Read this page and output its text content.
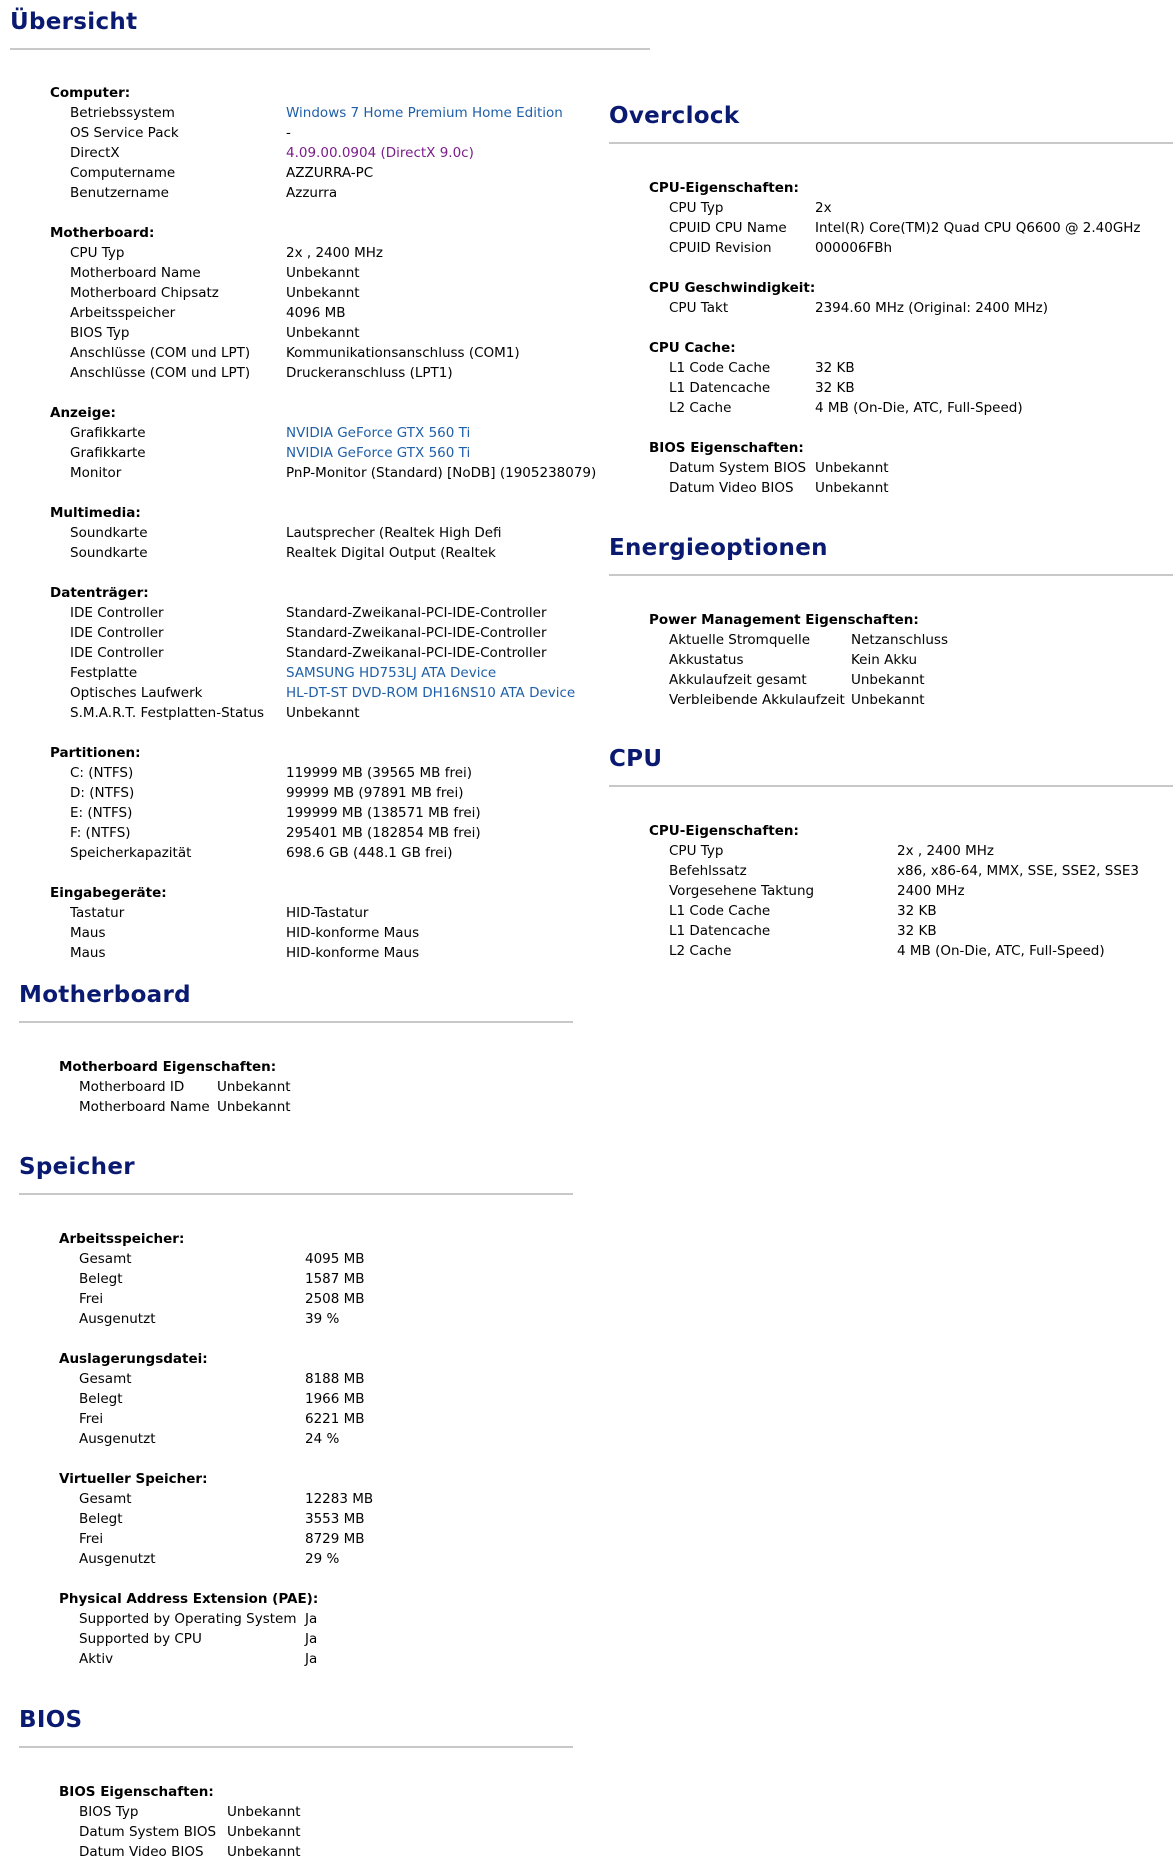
Übersicht
Computer:
Betriebssystem	Windows 7 Home Premium Home Edition
OS Service Pack	-
DirectX	4.09.00.0904 (DirectX 9.0c)
Computername	AZZURRA-PC
Benutzername	Azzurra
Motherboard:
CPU Typ	2x , 2400 MHz
Motherboard Name	Unbekannt
Motherboard Chipsatz	Unbekannt
Arbeitsspeicher	4096 MB
BIOS Typ	Unbekannt
Anschlüsse (COM und LPT)	Kommunikationsanschluss (COM1)
Anschlüsse (COM und LPT)	Druckeranschluss (LPT1)
Anzeige:
Grafikkarte	NVIDIA GeForce GTX 560 Ti
Grafikkarte	NVIDIA GeForce GTX 560 Ti
Monitor	PnP-Monitor (Standard) [NoDB] (1905238079)
Multimedia:
Soundkarte	Lautsprecher (Realtek High Defi
Soundkarte	Realtek Digital Output (Realtek
Datenträger:
IDE Controller	Standard-Zweikanal-PCI-IDE-Controller
IDE Controller	Standard-Zweikanal-PCI-IDE-Controller
IDE Controller	Standard-Zweikanal-PCI-IDE-Controller
Festplatte	SAMSUNG HD753LJ ATA Device
Optisches Laufwerk	HL-DT-ST DVD-ROM DH16NS10 ATA Device
S.M.A.R.T. Festplatten-Status	Unbekannt
Partitionen:
C: (NTFS)	119999 MB (39565 MB frei)
D: (NTFS)	99999 MB (97891 MB frei)
E: (NTFS)	199999 MB (138571 MB frei)
F: (NTFS)	295401 MB (182854 MB frei)
Speicherkapazität	698.6 GB (448.1 GB frei)
Eingabegeräte:
Tastatur	HID-Tastatur
Maus	HID-konforme Maus
Maus	HID-konforme Maus
Motherboard
Motherboard Eigenschaften:
Motherboard ID	Unbekannt
Motherboard Name	Unbekannt
Speicher
Arbeitsspeicher:
Gesamt	4095 MB
Belegt	1587 MB
Frei	2508 MB
Ausgenutzt	39 %
Auslagerungsdatei:
Gesamt	8188 MB
Belegt	1966 MB
Frei	6221 MB
Ausgenutzt	24 %
Virtueller Speicher:
Gesamt	12283 MB
Belegt	3553 MB
Frei	8729 MB
Ausgenutzt	29 %
Physical Address Extension (PAE):
Supported by Operating System	Ja
Supported by CPU	Ja
Aktiv	Ja
BIOS
BIOS Eigenschaften:
BIOS Typ	Unbekannt
Datum System BIOS	Unbekannt
Datum Video BIOS	Unbekannt
Overclock
CPU-Eigenschaften:
CPU Typ	2x
CPUID CPU Name	Intel(R) Core(TM)2 Quad CPU Q6600 @ 2.40GHz
CPUID Revision	000006FBh
CPU Geschwindigkeit:
CPU Takt	2394.60 MHz (Original: 2400 MHz)
CPU Cache:
L1 Code Cache	32 KB
L1 Datencache	32 KB
L2 Cache	4 MB (On-Die, ATC, Full-Speed)
BIOS Eigenschaften:
Datum System BIOS	Unbekannt
Datum Video BIOS	Unbekannt
Energieoptionen
Power Management Eigenschaften:
Aktuelle Stromquelle	Netzanschluss
Akkustatus	Kein Akku
Akkulaufzeit gesamt	Unbekannt
Verbleibende Akkulaufzeit	Unbekannt
CPU
CPU-Eigenschaften:
CPU Typ	2x , 2400 MHz
Befehlssatz	x86, x86-64, MMX, SSE, SSE2, SSE3
Vorgesehene Taktung	2400 MHz
L1 Code Cache	32 KB
L1 Datencache	32 KB
L2 Cache	4 MB (On-Die, ATC, Full-Speed)
